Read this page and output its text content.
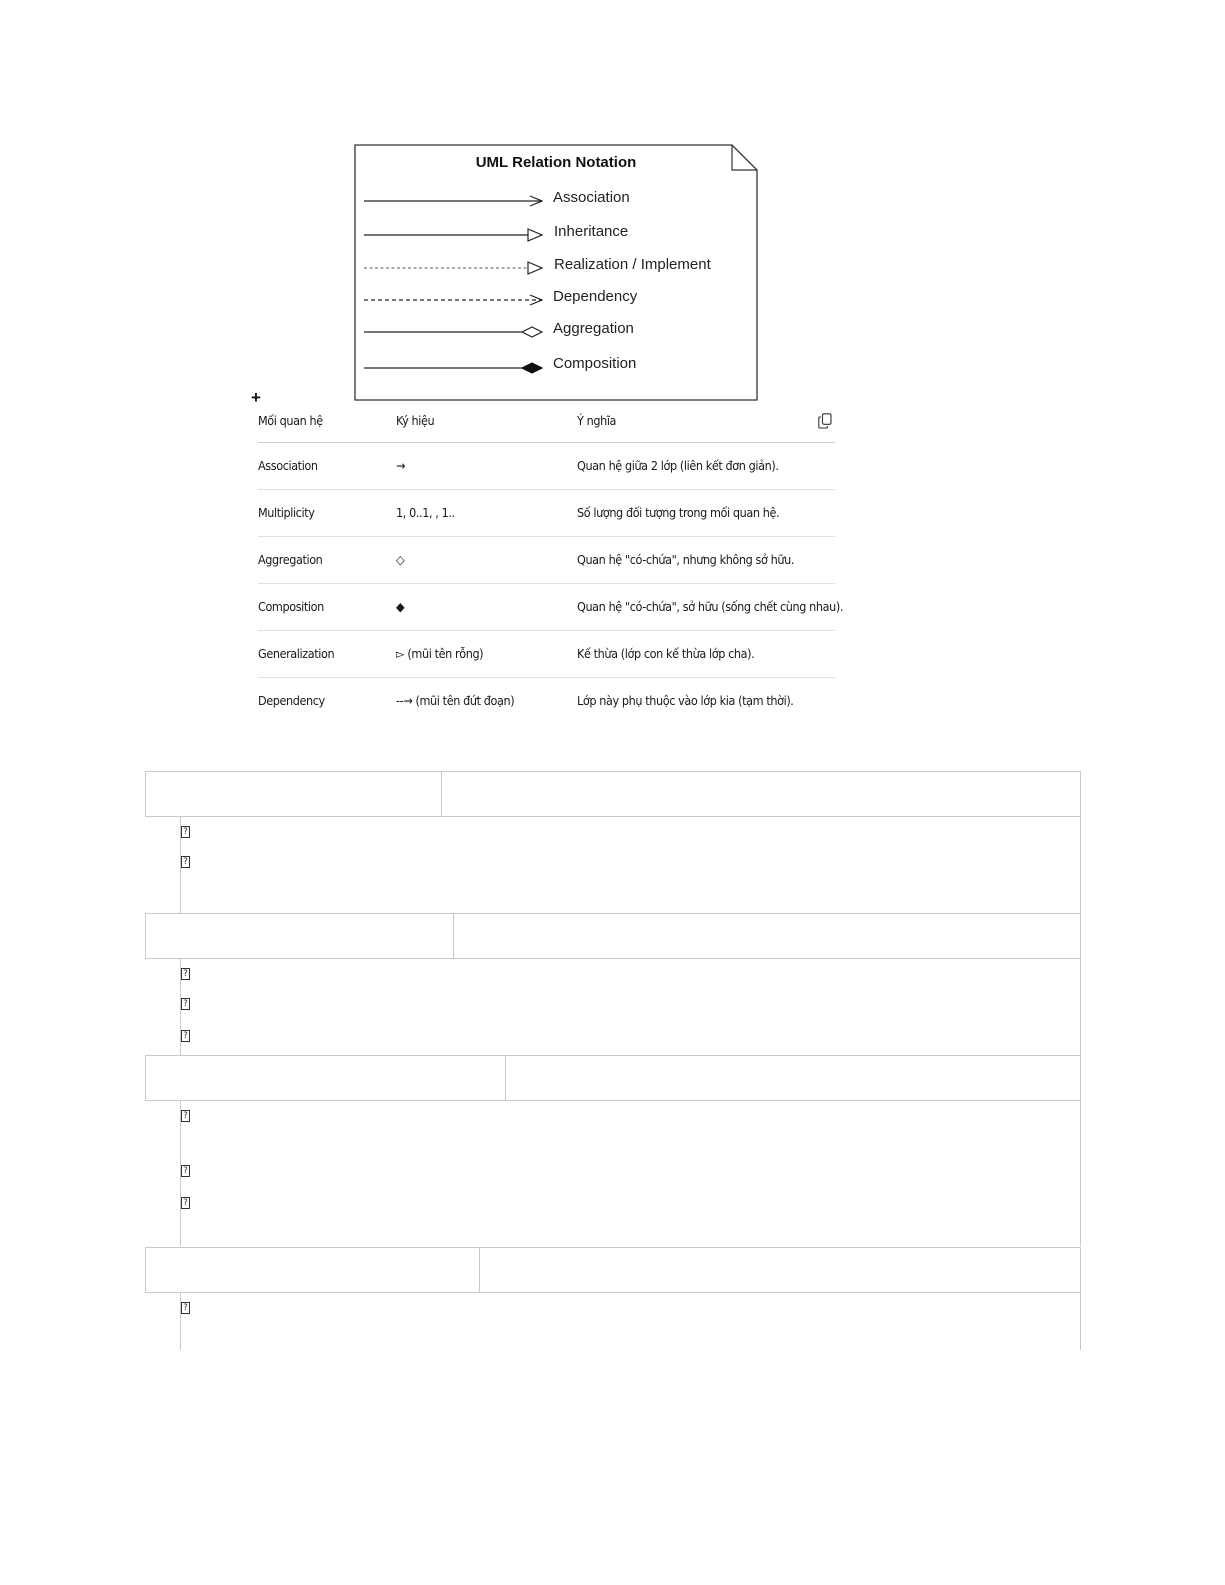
UML Relation Notation
Association
Inheritance
Realization / Implement
Dependency
Aggregation
Composition
+
Mối quan hệ	Ký hiệu	Ý nghĩa
Association	→	Quan hệ giữa 2 lớp (liên kết đơn giản).
Multiplicity	1, 0..1, , 1..	Số lượng đối tượng trong mối quan hệ.
Aggregation	◇	Quan hệ "có-chứa", nhưng không sở hữu.
Composition	◆	Quan hệ "có-chứa", sở hữu (sống chết cùng nhau).
Generalization	▻ (mũi tên rỗng)	Kế thừa (lớp con kế thừa lớp cha).
Dependency	--→ (mũi tên đứt đoạn)	Lớp này phụ thuộc vào lớp kia (tạm thời).
?
?
?
?
?
?
?
?
?
